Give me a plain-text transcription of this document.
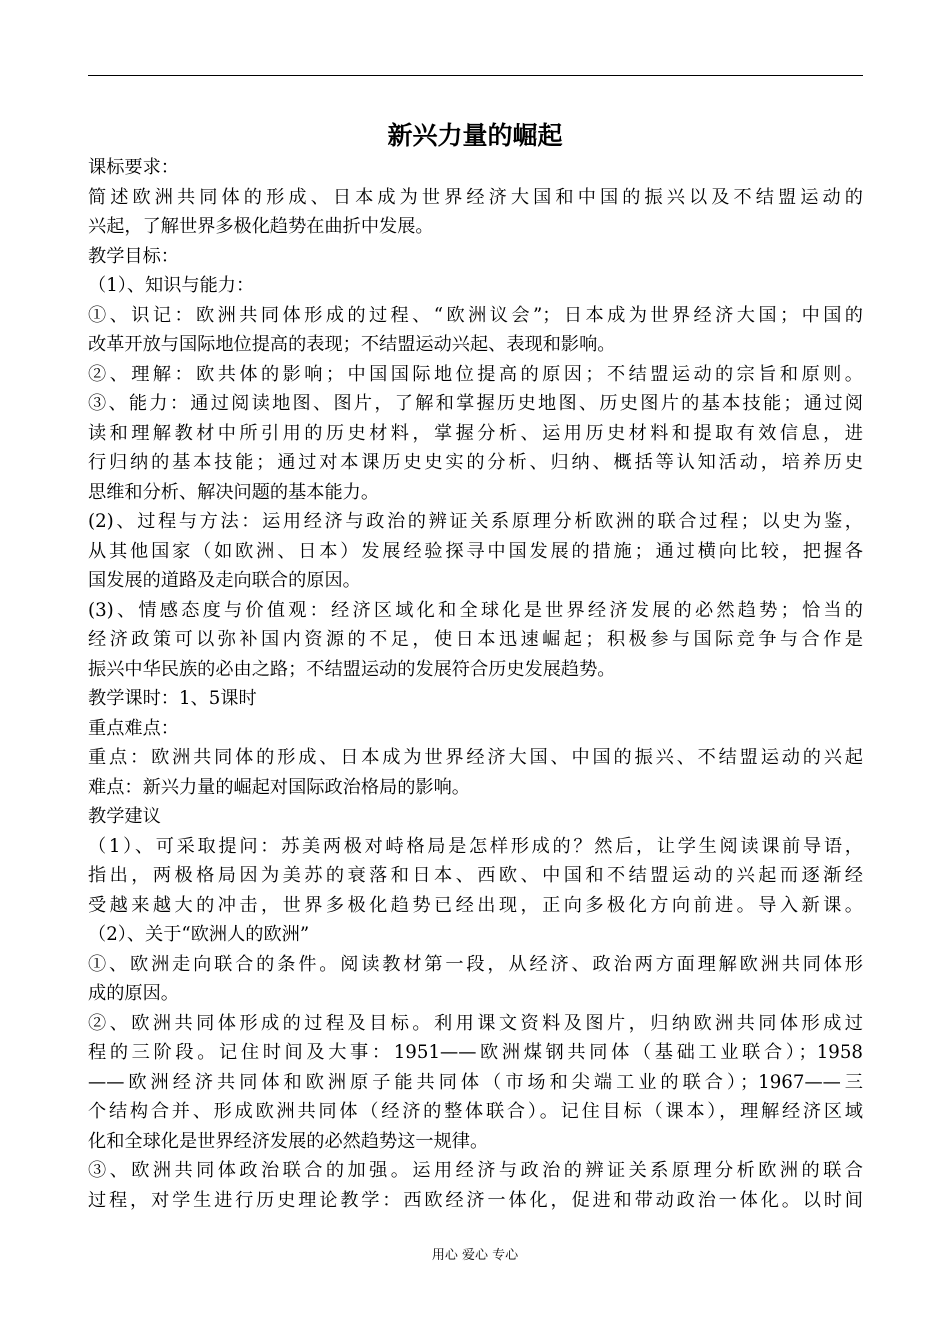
新兴力量的崛起
课标要求：
简述欧洲共同体的形成、日本成为世界经济大国和中国的振兴以及不结盟运动的
兴起，了解世界多极化趋势在曲折中发展。
教学目标：
（1）、知识与能力：
①、识记：欧洲共同体形成的过程、“欧洲议会”；日本成为世界经济大国；中国的
改革开放与国际地位提高的表现；不结盟运动兴起、表现和影响。
②、理解：欧共体的影响；中国国际地位提高的原因；不结盟运动的宗旨和原则。
③、能力：通过阅读地图、图片，了解和掌握历史地图、历史图片的基本技能；通过阅
读和理解教材中所引用的历史材料，掌握分析、运用历史材料和提取有效信息，进
行归纳的基本技能；通过对本课历史史实的分析、归纳、概括等认知活动，培养历史
思维和分析、解决问题的基本能力。
(2)、过程与方法：运用经济与政治的辨证关系原理分析欧洲的联合过程；以史为鉴，
从其他国家（如欧洲、日本）发展经验探寻中国发展的措施；通过横向比较，把握各
国发展的道路及走向联合的原因。
(3)、情感态度与价值观：经济区域化和全球化是世界经济发展的必然趋势；恰当的
经济政策可以弥补国内资源的不足，使日本迅速崛起；积极参与国际竞争与合作是
振兴中华民族的必由之路；不结盟运动的发展符合历史发展趋势。
教学课时：1、5课时
重点难点：
重点：欧洲共同体的形成、日本成为世界经济大国、中国的振兴、不结盟运动的兴起
难点：新兴力量的崛起对国际政治格局的影响。
教学建议
（1）、可采取提问：苏美两极对峙格局是怎样形成的？然后，让学生阅读课前导语，
指出，两极格局因为美苏的衰落和日本、西欧、中国和不结盟运动的兴起而逐渐经
受越来越大的冲击，世界多极化趋势已经出现，正向多极化方向前进。导入新课。
（2）、关于“欧洲人的欧洲”
①、欧洲走向联合的条件。阅读教材第一段，从经济、政治两方面理解欧洲共同体形
成的原因。
②、欧洲共同体形成的过程及目标。利用课文资料及图片，归纳欧洲共同体形成过
程的三阶段。记住时间及大事：1951——欧洲煤钢共同体（基础工业联合）；1958
——欧洲经济共同体和欧洲原子能共同体（市场和尖端工业的联合）；1967——三
个结构合并、形成欧洲共同体（经济的整体联合）。记住目标（课本），理解经济区域
化和全球化是世界经济发展的必然趋势这一规律。
③、欧洲共同体政治联合的加强。运用经济与政治的辨证关系原理分析欧洲的联合
过程，对学生进行历史理论教学：西欧经济一体化，促进和带动政治一体化。以时间
用心 爱心 专心
